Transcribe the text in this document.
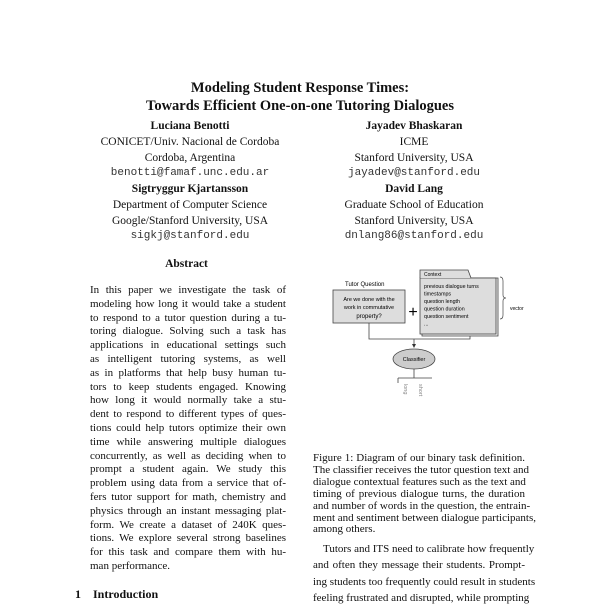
Modeling Student Response Times:
Towards Efficient One-on-one Tutoring Dialogues
Luciana Benotti
CONICET/Univ. Nacional de Cordoba
Cordoba, Argentina
benotti@famaf.unc.edu.ar
Jayadev Bhaskaran
ICME
Stanford University, USA
jayadev@stanford.edu
Sigtryggur Kjartansson
Department of Computer Science
Google/Stanford University, USA
sigkj@stanford.edu
David Lang
Graduate School of Education
Stanford University, USA
dnlang86@stanford.edu
Abstract
In this paper we investigate the task of
modeling how long it would take a student
to respond to a tutor question during a tu-
toring dialogue. Solving such a task has
applications in educational settings such
as intelligent tutoring systems, as well
as in platforms that help busy human tu-
tors to keep students engaged. Knowing
how long it would normally take a stu-
dent to respond to different types of ques-
tions could help tutors optimize their own
time while answering multiple dialogues
concurrently, as well as deciding when to
prompt a student again. We study this
problem using data from a service that of-
fers tutor support for math, chemistry and
physics through an instant messaging plat-
form. We create a dataset of 240K ques-
tions. We explore several strong baselines
for this task and compare them with hu-
man performance.
1 Introduction
Tutor Question
Are we done with the
work in commutative
property? +
Context
previous dialogue turns
timestamps
question length
question duration
question sentiment
...
vector
Classifier
long short
Figure 1: Diagram of our binary task definition.
The classifier receives the tutor question text and
dialogue contextual features such as the text and
timing of previous dialogue turns, the duration
and number of words in the question, the entrain-
ment and sentiment between dialogue participants,
among others.
Tutors and ITS need to calibrate how frequently
and often they message their students. Prompt-
ing students too frequently could result in students
feeling frustrated and disrupted, while prompting
